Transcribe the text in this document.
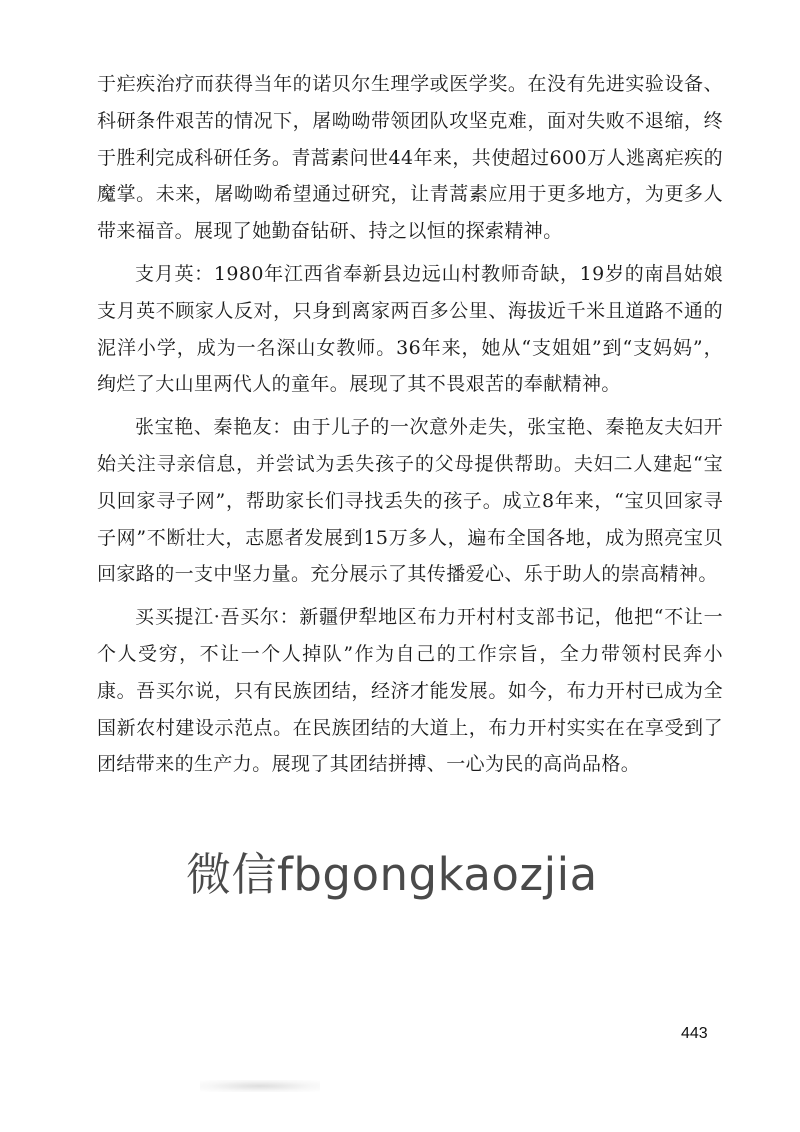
于疟疾治疗而获得当年的诺贝尔生理学或医学奖。在没有先进实验设备、科研条件艰苦的情况下，屠呦呦带领团队攻坚克难，面对失败不退缩，终于胜利完成科研任务。青蒿素问世44年来，共使超过600万人逃离疟疾的魔掌。未来，屠呦呦希望通过研究，让青蒿素应用于更多地方，为更多人带来福音。展现了她勤奋钻研、持之以恒的探索精神。

支月英：1980年江西省奉新县边远山村教师奇缺，19岁的南昌姑娘支月英不顾家人反对，只身到离家两百多公里、海拔近千米且道路不通的泥洋小学，成为一名深山女教师。36年来，她从“支姐姐”到“支妈妈”，绚烂了大山里两代人的童年。展现了其不畏艰苦的奉献精神。

张宝艳、秦艳友：由于儿子的一次意外走失，张宝艳、秦艳友夫妇开始关注寻亲信息，并尝试为丢失孩子的父母提供帮助。夫妇二人建起“宝贝回家寻子网”，帮助家长们寻找丢失的孩子。成立8年来，“宝贝回家寻子网”不断壮大，志愿者发展到15万多人，遍布全国各地，成为照亮宝贝回家路的一支中坚力量。充分展示了其传播爱心、乐于助人的崇高精神。

买买提江·吾买尔：新疆伊犁地区布力开村村支部书记，他把“不让一个人受穷，不让一个人掉队”作为自己的工作宗旨，全力带领村民奔小康。吾买尔说，只有民族团结，经济才能发展。如今，布力开村已成为全国新农村建设示范点。在民族团结的大道上，布力开村实实在在享受到了团结带来的生产力。展现了其团结拼搏、一心为民的高尚品格。

微信fbgongkaozjia
443
